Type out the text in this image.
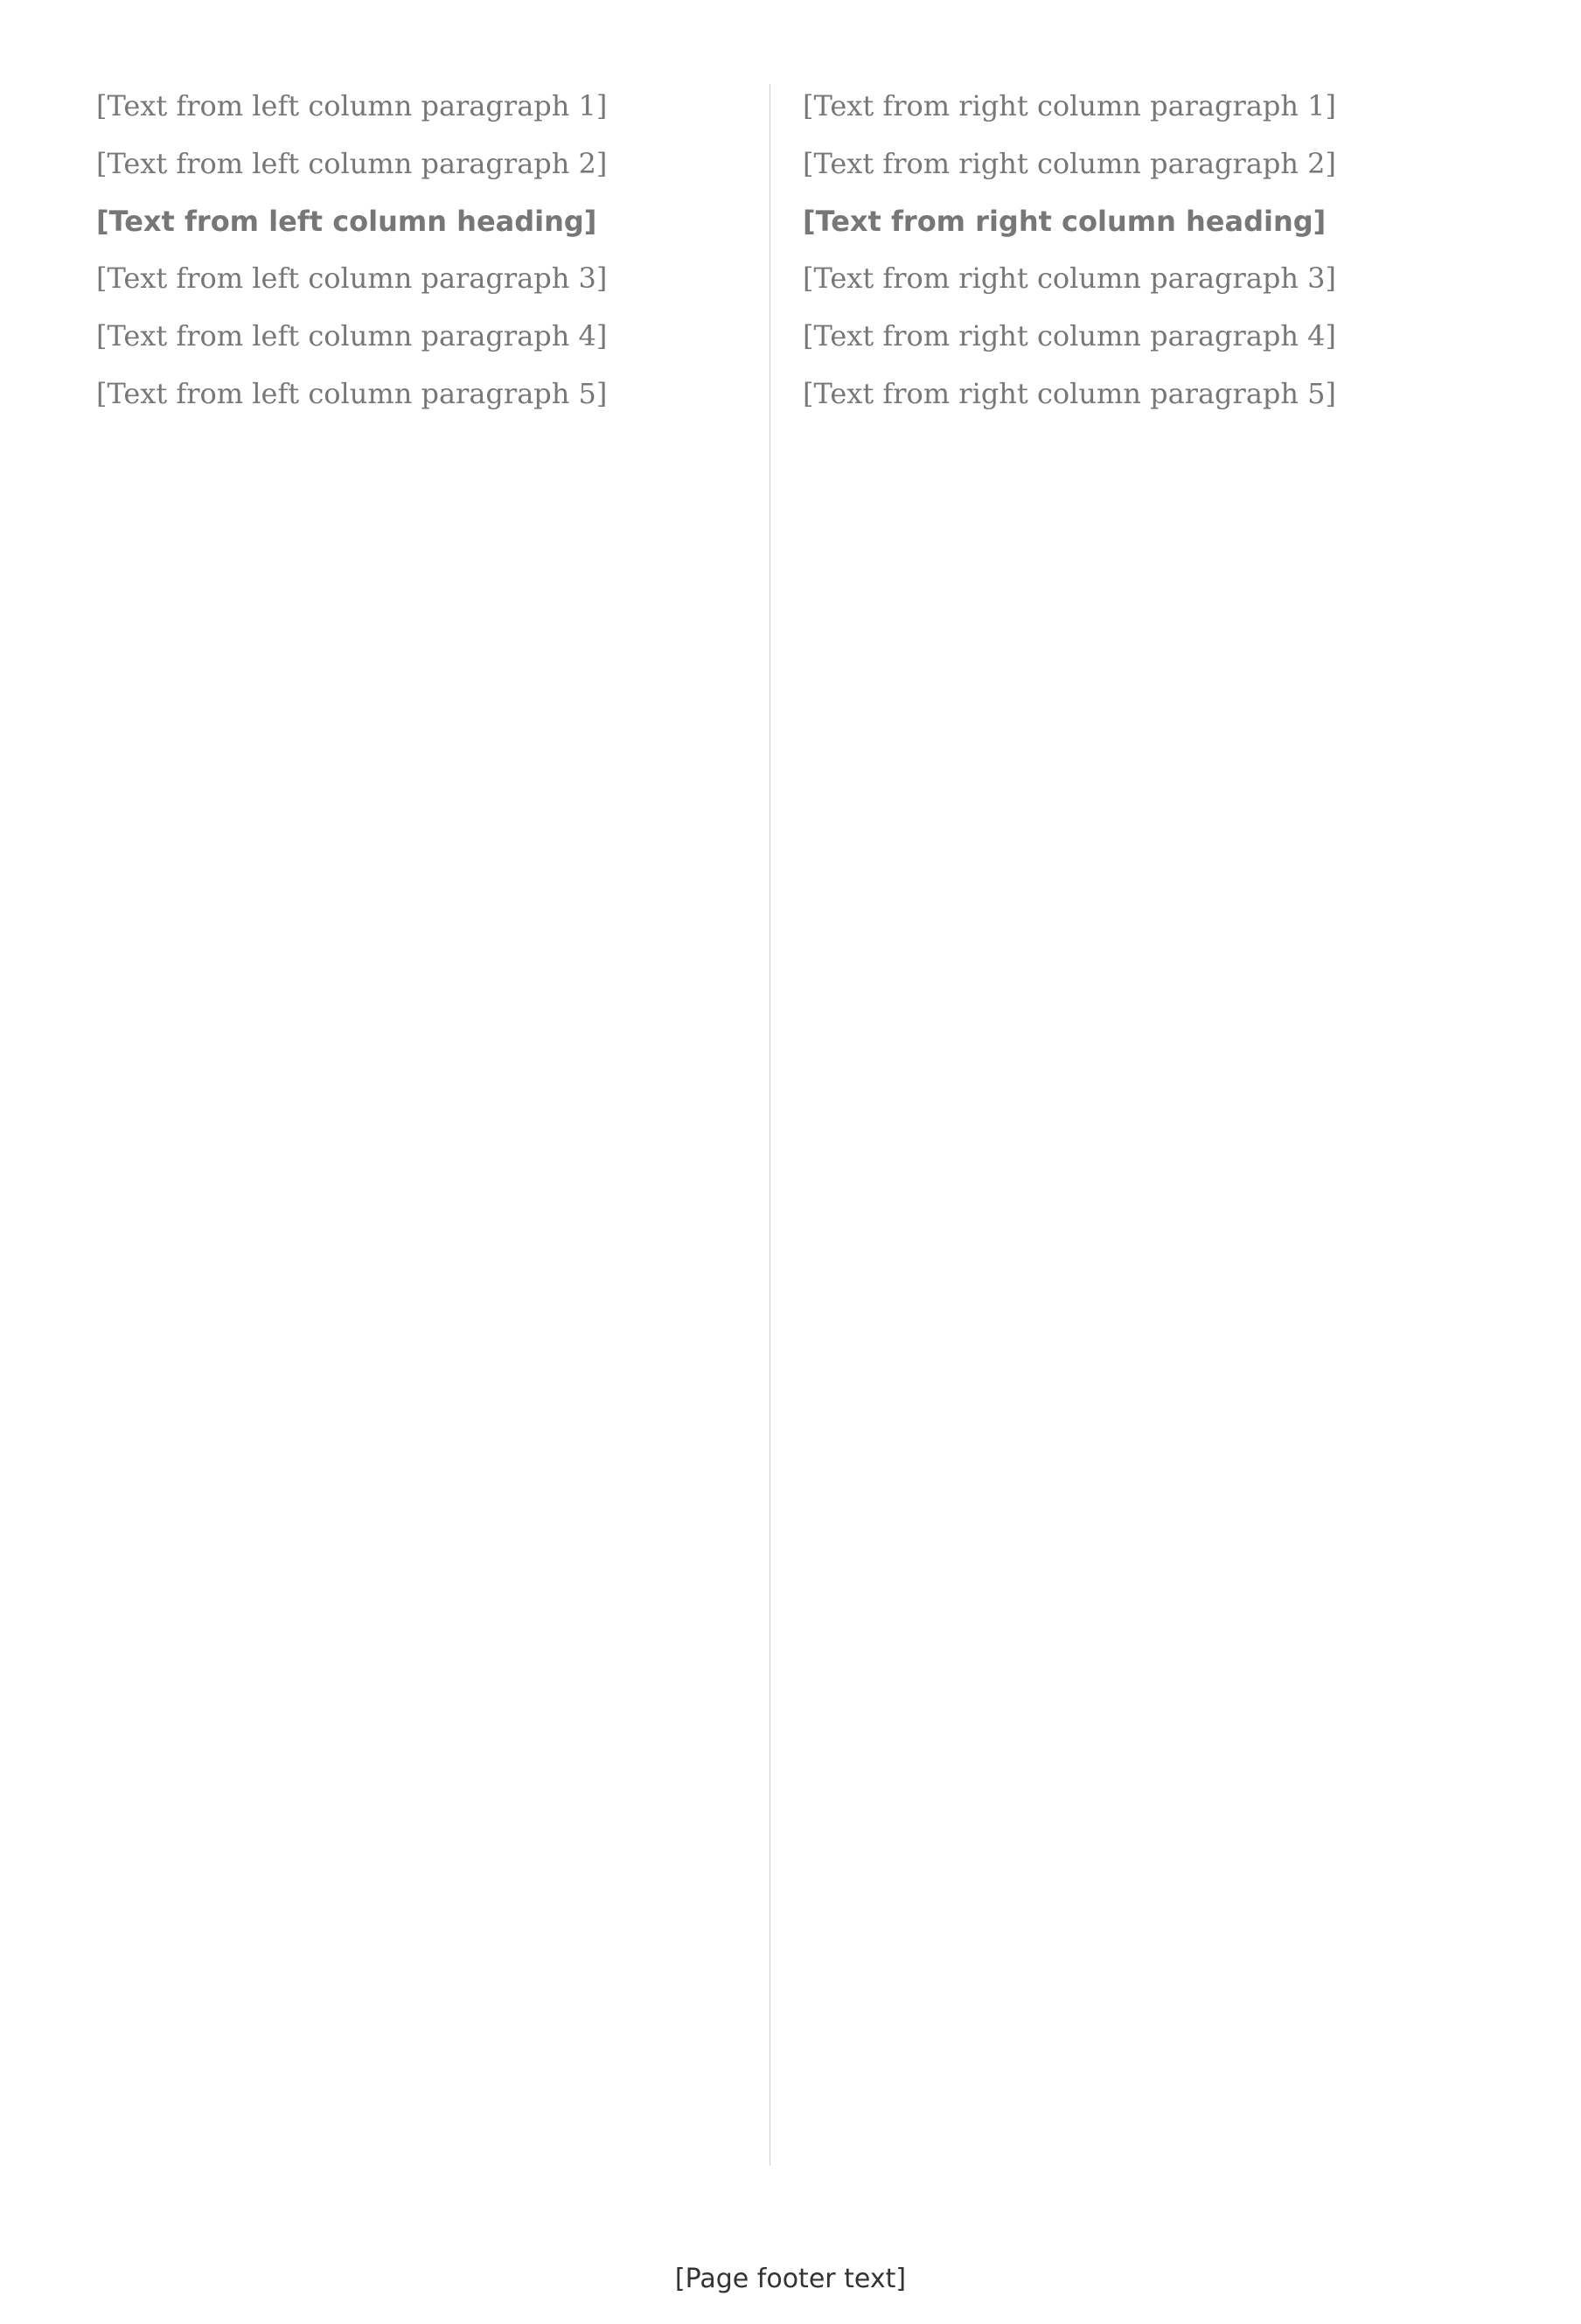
[Text from left column paragraph 1]
[Text from left column paragraph 2]
[Text from left column heading]
[Text from left column paragraph 3]
[Text from left column paragraph 4]
[Text from left column paragraph 5]
[Text from right column paragraph 1]
[Text from right column paragraph 2]
[Text from right column heading]
[Text from right column paragraph 3]
[Text from right column paragraph 4]
[Text from right column paragraph 5]
[Page footer text]
